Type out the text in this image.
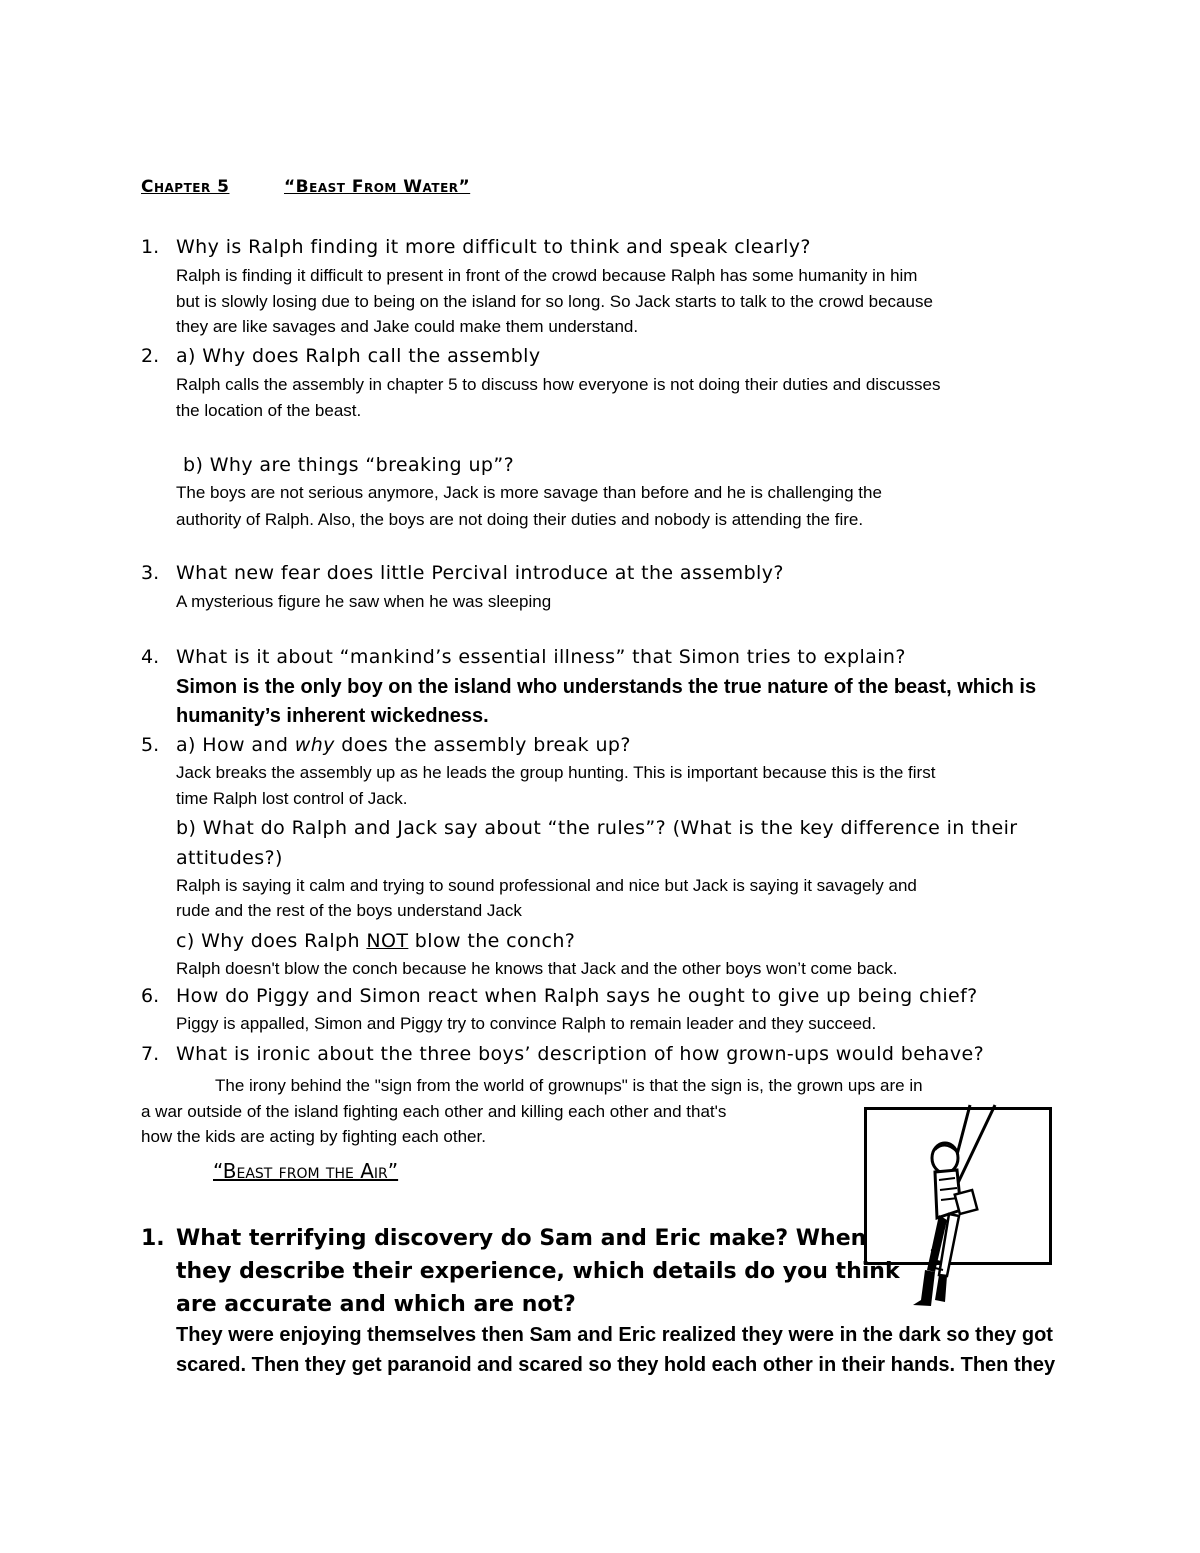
Chapter 5	“Beast From Water”
1. Why is Ralph finding it more difficult to think and speak clearly?
Ralph is finding it difficult to present in front of the crowd because Ralph has some humanity in him
but is slowly losing due to being on the island for so long. So Jack starts to talk to the crowd because
they are like savages and Jake could make them understand.
2. a) Why does Ralph call the assembly
Ralph calls the assembly in chapter 5 to discuss how everyone is not doing their duties and discusses
the location of the beast.
b) Why are things “breaking up”?
The boys are not serious anymore, Jack is more savage than before and he is challenging the
authority of Ralph. Also, the boys are not doing their duties and nobody is attending the fire.
3. What new fear does little Percival introduce at the assembly?
A mysterious figure he saw when he was sleeping
4. What is it about “mankind’s essential illness” that Simon tries to explain?
Simon is the only boy on the island who understands the true nature of the beast, which is
humanity’s inherent wickedness.
5. a) How and why does the assembly break up?
Jack breaks the assembly up as he leads the group hunting. This is important because this is the first
time Ralph lost control of Jack.
b) What do Ralph and Jack say about “the rules”? (What is the key difference in their
attitudes?)
Ralph is saying it calm and trying to sound professional and nice but Jack is saying it savagely and
rude and the rest of the boys understand Jack
c) Why does Ralph NOT blow the conch?
Ralph doesn't blow the conch because he knows that Jack and the other boys won’t come back.
6. How do Piggy and Simon react when Ralph says he ought to give up being chief?
Piggy is appalled, Simon and Piggy try to convince Ralph to remain leader and they succeed.
7. What is ironic about the three boys’ description of how grown-ups would behave?
The irony behind the "sign from the world of grownups" is that the sign is, the grown ups are in
a war outside of the island fighting each other and killing each other and that's
how the kids are acting by fighting each other.
“Beast from the Air”
1. What terrifying discovery do Sam and Eric make? When
they describe their experience, which details do you think
are accurate and which are not?
They were enjoying themselves then Sam and Eric realized they were in the dark so they got
scared. Then they get paranoid and scared so they hold each other in their hands. Then they
